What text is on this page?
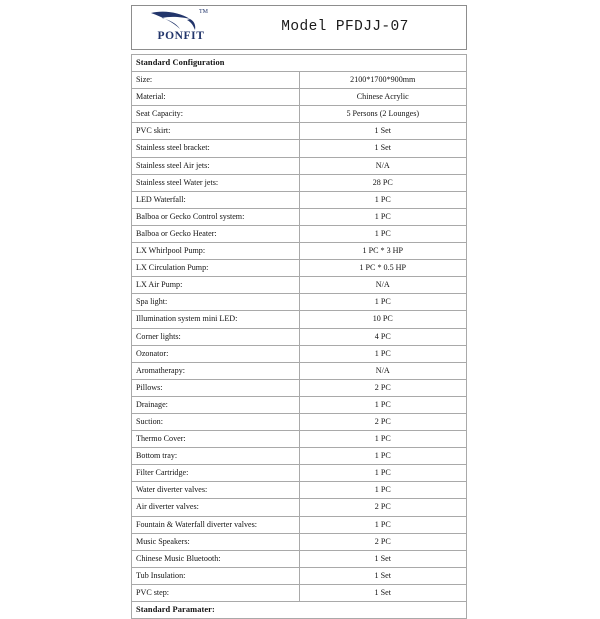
TM
PONFIT
Model PFDJJ-07
Standard Configuration	
Size:	2100*1700*900mm
Material:	Chinese Acrylic
Seat Capacity:	5 Persons (2 Lounges)
PVC skirt:	1 Set
Stainless steel bracket:	1 Set
Stainless steel Air jets:	N/A
Stainless steel Water jets:	28 PC
LED Waterfall:	1 PC
Balboa or Gecko Control system:	1 PC
Balboa or Gecko Heater:	1 PC
LX Whirlpool Pump:	1 PC * 3 HP
LX Circulation Pump:	1 PC * 0.5 HP
LX Air Pump:	N/A
Spa light:	1 PC
Illumination system mini LED:	10 PC
Corner lights:	4 PC
Ozonator:	1 PC
Aromatherapy:	N/A
Pillows:	2 PC
Drainage:	1 PC
Suction:	2 PC
Thermo Cover:	1 PC
Bottom tray:	1 PC
Filter Cartridge:	1 PC
Water diverter valves:	1 PC
Air diverter valves:	2 PC
Fountain & Waterfall diverter valves:	1 PC
Music Speakers:	2 PC
Chinese Music Bluetooth:	1 Set
Tub Insulation:	1 Set
PVC step:	1 Set
Standard Paramater:	
